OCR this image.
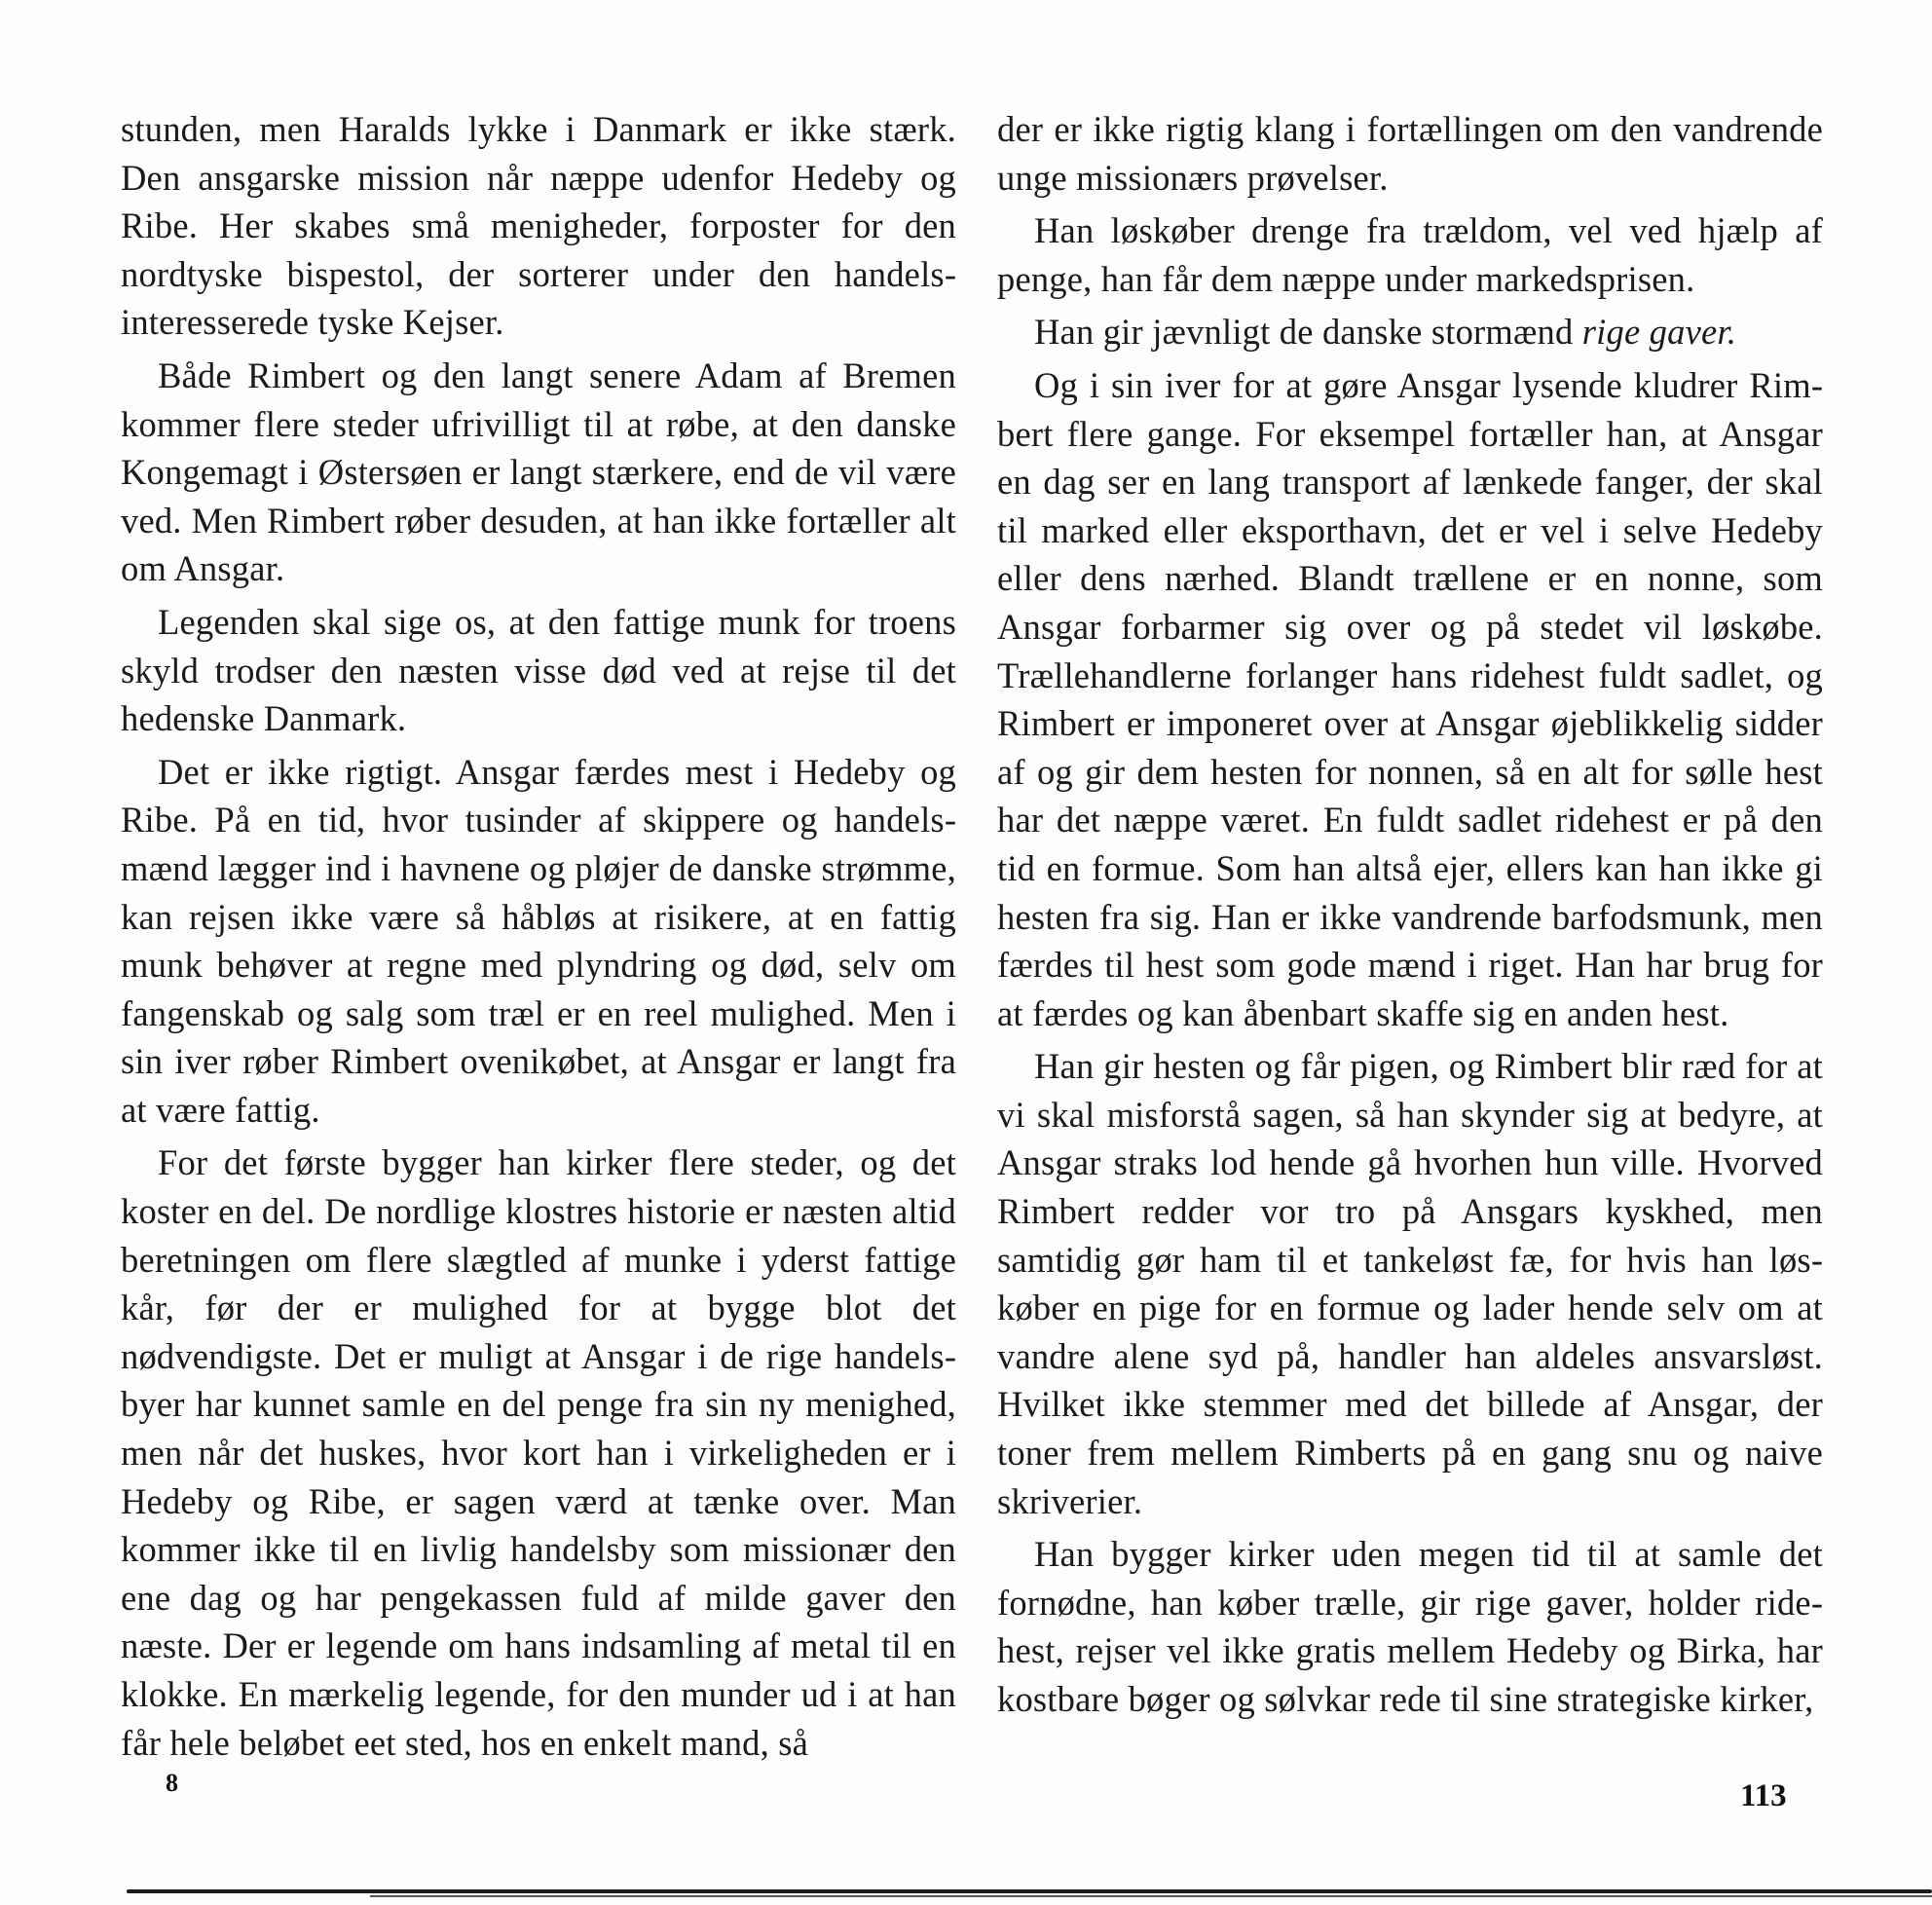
stunden, men Haralds lykke i Danmark er ikke stærk. Den ansgarske mission når næppe udenfor Hedeby og Ribe. Her skabes små menigheder, forposter for den nordtyske bispestol, der sorterer under den handelsinteresserede tyske Kejser.

Både Rimbert og den langt senere Adam af Bremen kommer flere steder ufrivilligt til at røbe, at den danske Kongemagt i Østersøen er langt stærkere, end de vil være ved. Men Rimbert røber desuden, at han ikke fortæller alt om Ansgar.

Legenden skal sige os, at den fattige munk for troens skyld trodser den næsten visse død ved at rejse til det hedenske Danmark.

Det er ikke rigtigt. Ansgar færdes mest i Hedeby og Ribe. På en tid, hvor tusinder af skippere og handelsmænd lægger ind i havnene og pløjer de danske strømme, kan rejsen ikke være så håbløs at risikere, at en fattig munk behøver at regne med plyndring og død, selv om fangenskab og salg som træl er en reel mulighed. Men i sin iver røber Rimbert ovenikøbet, at Ansgar er langt fra at være fattig.

For det første bygger han kirker flere steder, og det koster en del. De nordlige klostres historie er næsten altid beretningen om flere slægtled af munke i yderst fattige kår, før der er mulighed for at bygge blot det nødvendigste. Det er muligt at Ansgar i de rige handelsbyer har kunnet samle en del penge fra sin ny menighed, men når det huskes, hvor kort han i virkeligheden er i Hedeby og Ribe, er sagen værd at tænke over. Man kommer ikke til en livlig handelsby som missionær den ene dag og har pengekassen fuld af milde gaver den næste. Der er legende om hans indsamling af metal til en klokke. En mærkelig legende, for den munder ud i at han får hele beløbet eet sted, hos en enkelt mand, så

8

der er ikke rigtig klang i fortællingen om den vandrende unge missionærs prøvelser.

Han løskøber drenge fra trældom, vel ved hjælp af penge, han får dem næppe under markedsprisen.

Han gir jævnligt de danske stormænd rige gaver.

Og i sin iver for at gøre Ansgar lysende kludrer Rimbert flere gange. For eksempel fortæller han, at Ansgar en dag ser en lang transport af lænkede fanger, der skal til marked eller eksporthavn, det er vel i selve Hedeby eller dens nærhed. Blandt trællene er en nonne, som Ansgar forbarmer sig over og på stedet vil løskøbe. Trællehandlerne forlanger hans ridehest fuldt sadlet, og Rimbert er imponeret over at Ansgar øjeblikkelig sidder af og gir dem hesten for nonnen, så en alt for sølle hest har det næppe været. En fuldt sadlet ridehest er på den tid en formue. Som han altså ejer, ellers kan han ikke gi hesten fra sig. Han er ikke vandrende barfodsmunk, men færdes til hest som gode mænd i riget. Han har brug for at færdes og kan åbenbart skaffe sig en anden hest.

Han gir hesten og får pigen, og Rimbert blir ræd for at vi skal misforstå sagen, så han skynder sig at bedyre, at Ansgar straks lod hende gå hvorhen hun ville. Hvorved Rimbert redder vor tro på Ansgars kyskhed, men samtidig gør ham til et tankeløst fæ, for hvis han løskøber en pige for en formue og lader hende selv om at vandre alene syd på, handler han aldeles ansvarsløst. Hvilket ikke stemmer med det billede af Ansgar, der toner frem mellem Rimberts på en gang snu og naive skriverier.

Han bygger kirker uden megen tid til at samle det fornødne, han køber trælle, gir rige gaver, holder ridehest, rejser vel ikke gratis mellem Hedeby og Birka, har kostbare bøger og sølvkar rede til sine strategiske kirker,

113
